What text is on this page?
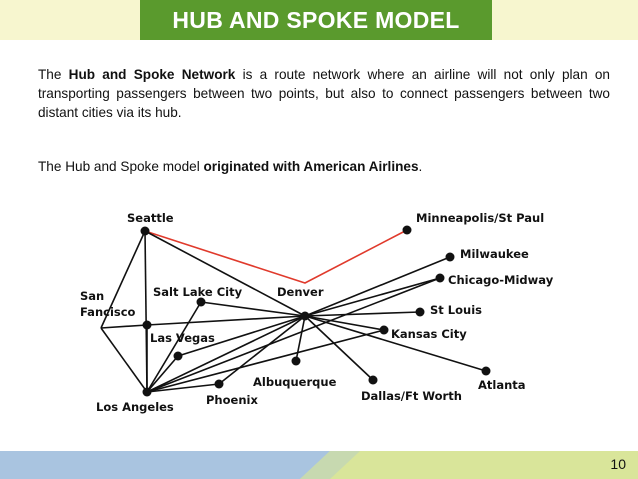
HUB AND SPOKE MODEL
The Hub and Spoke Network is a route network where an airline will not only plan on transporting passengers between two points, but also to connect passengers between two distant cities via its hub.
The Hub and Spoke model originated with American Airlines.
Seattle	Minneapolis/St Paul
Milwaukee
Chicago-Midway
San
Fancisco
Salt Lake City	Denver
St Louis
Kansas City
Las Vegas
Albuquerque
Dallas/Ft Worth
Atlanta
Phoenix
Los Angeles
10
